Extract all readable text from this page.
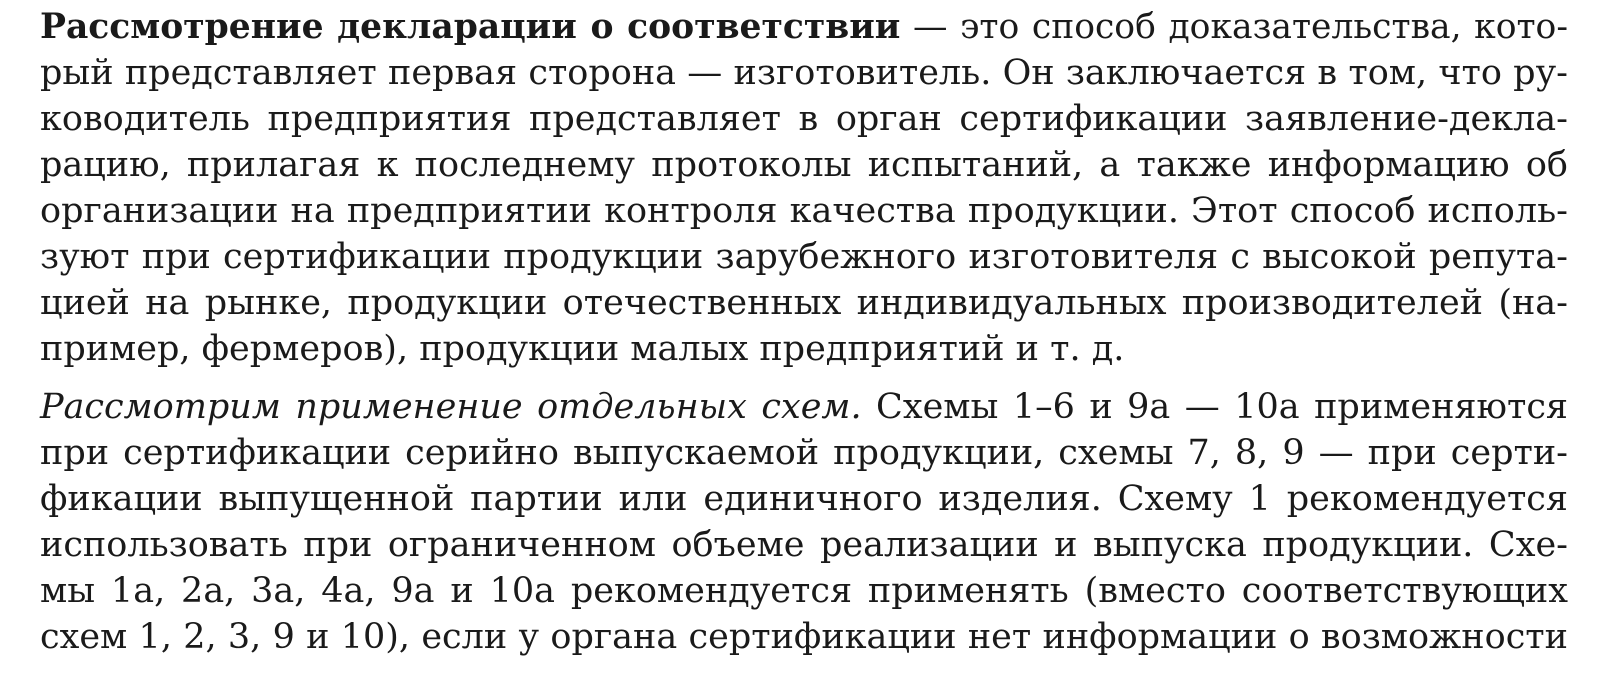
Рассмотрение декларации о соответствии — это способ доказательства, кото-
рый представляет первая сторона — изготовитель. Он заключается в том, что ру-
ководитель предприятия представляет в орган сертификации заявление-декла-
рацию, прилагая к последнему протоколы испытаний, а также информацию об
организации на предприятии контроля качества продукции. Этот способ исполь-
зуют при сертификации продукции зарубежного изготовителя с высокой репута-
цией на рынке, продукции отечественных индивидуальных производителей (на-
пример, фермеров), продукции малых предприятий и т. д.
Рассмотрим применение отдельных схем. Схемы 1–6 и 9а — 10а применяются
при сертификации серийно выпускаемой продукции, схемы 7, 8, 9 — при серти-
фикации выпущенной партии или единичного изделия. Схему 1 рекомендуется
использовать при ограниченном объеме реализации и выпуска продукции. Схе-
мы 1а, 2а, 3а, 4а, 9а и 10а рекомендуется применять (вместо соответствующих
схем 1, 2, 3, 9 и 10), если у органа сертификации нет информации о возможности
